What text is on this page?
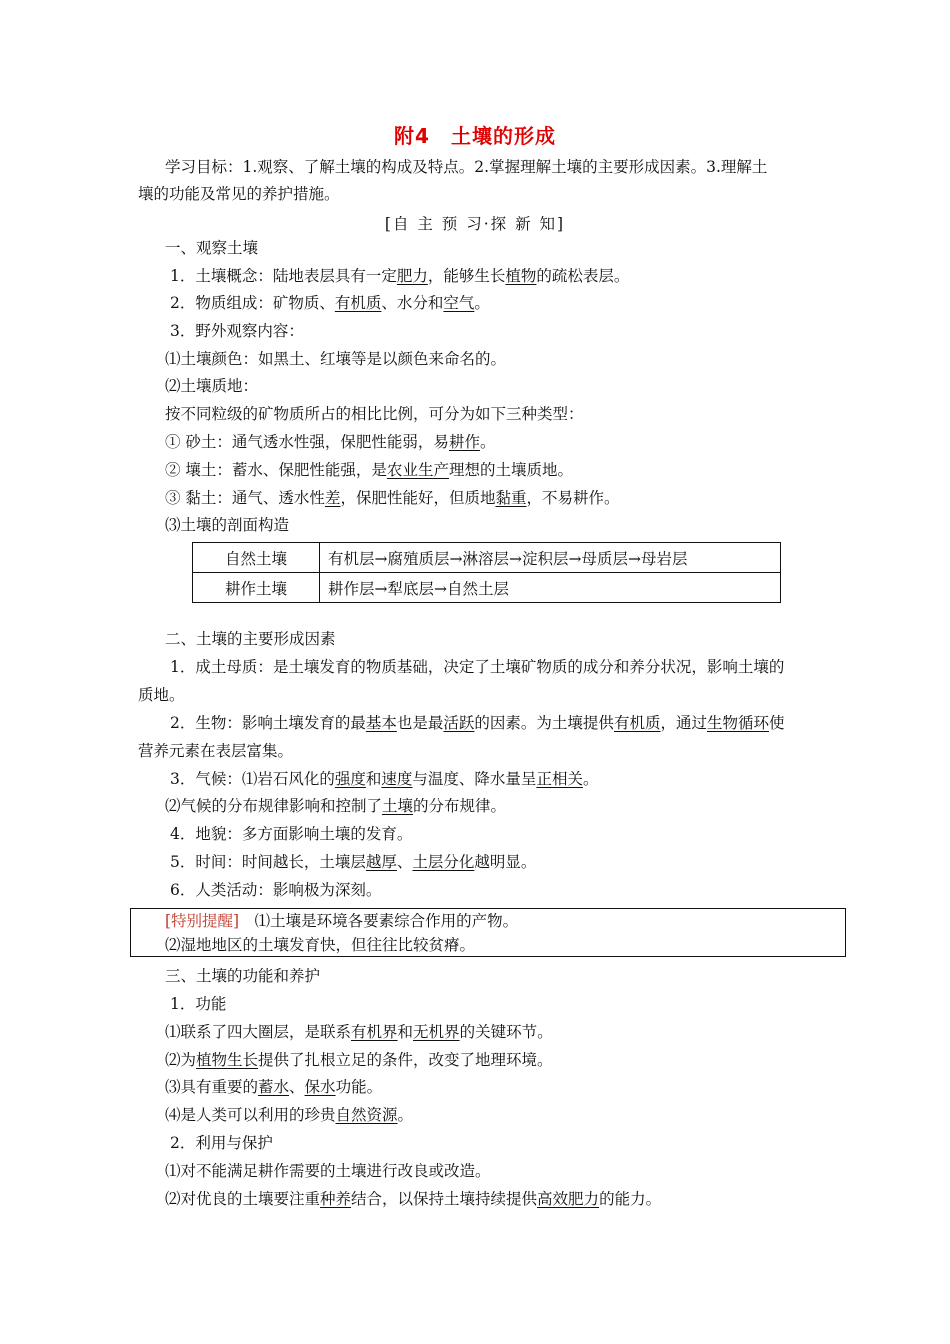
附4　土壤的形成
学习目标：1.观察、了解土壤的构成及特点。2.掌握理解土壤的主要形成因素。3.理解土
壤的功能及常见的养护措施。
[自 主 预 习·探 新 知]
一、观察土壤
1．土壤概念：陆地表层具有一定肥力，能够生长植物的疏松表层。
2．物质组成：矿物质、有机质、水分和空气。
3．野外观察内容：
⑴土壤颜色：如黑土、红壤等是以颜色来命名的。
⑵土壤质地：
按不同粒级的矿物质所占的相比比例，可分为如下三种类型：
① 砂土：通气透水性强，保肥性能弱，易耕作。
② 壤土：蓄水、保肥性能强，是农业生产理想的土壤质地。
③ 黏土：通气、透水性差，保肥性能好，但质地黏重，不易耕作。
⑶土壤的剖面构造
自然土壤	有机层→腐殖质层→淋溶层→淀积层→母质层→母岩层
耕作土壤	耕作层→犁底层→自然土层
二、土壤的主要形成因素
1．成土母质：是土壤发育的物质基础，决定了土壤矿物质的成分和养分状况，影响土壤的
质地。
2．生物：影响土壤发育的最基本也是最活跃的因素。为土壤提供有机质，通过生物循环使
营养元素在表层富集。
3．气候：⑴岩石风化的强度和速度与温度、降水量呈正相关。
⑵气候的分布规律影响和控制了土壤的分布规律。
4．地貌：多方面影响土壤的发育。
5．时间：时间越长，土壤层越厚、土层分化越明显。
6．人类活动：影响极为深刻。
[特别提醒]　⑴土壤是环境各要素综合作用的产物。
⑵湿地地区的土壤发育快，但往往比较贫瘠。
三、土壤的功能和养护
1．功能
⑴联系了四大圈层，是联系有机界和无机界的关键环节。
⑵为植物生长提供了扎根立足的条件，改变了地理环境。
⑶具有重要的蓄水、保水功能。
⑷是人类可以利用的珍贵自然资源。
2．利用与保护
⑴对不能满足耕作需要的土壤进行改良或改造。
⑵对优良的土壤要注重种养结合，以保持土壤持续提供高效肥力的能力。
